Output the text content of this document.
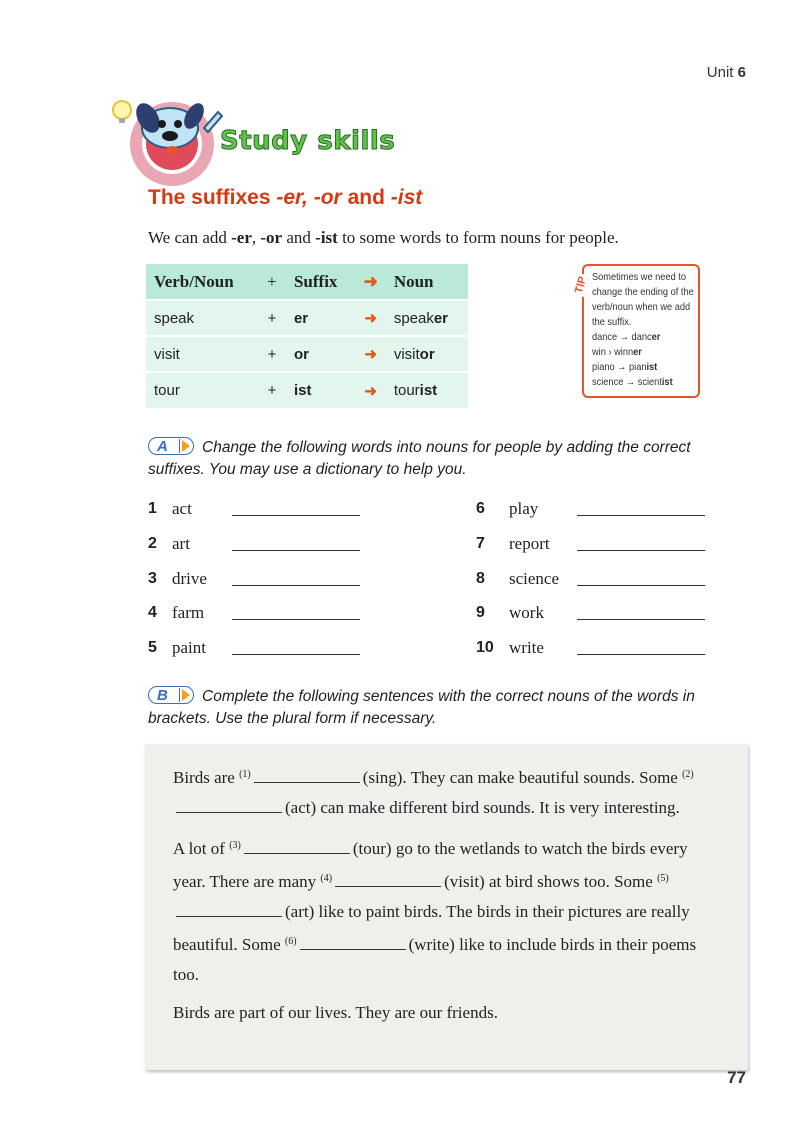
Unit 6
Study skills
The suffixes -er, -or and -ist
We can add -er, -or and -ist to some words to form nouns for people.
Verb/Noun	+	Suffix	➜	Noun
speak	+	er	➜	speaker
visit	+	or	➜	visitor
tour	+	ist	➜	tourist
TIP Sometimes we need to change the ending of the verb/noun when we add the suffix.
dance → dancer
win › winner
piano → pianist
science → scientist
A Change the following words into nouns for people by adding the correct suffixes. You may use a dictionary to help you.
1 act
2 art
3 drive
4 farm
5 paint
6	play
7	report
8	science
9	work
10 write
B Complete the following sentences with the correct nouns of the words in brackets. Use the plural form if necessary.

Birds are $^{(1)}$	(sing). They can make beautiful sounds. Some $^{(2)}$(act) can make different bird sounds. It is very interesting.

A lot of $^{(3)}$	(tour) go to the wetlands to watch the birds every year. There are many $^{(4)}$	(visit) at bird shows too. Some $^{(5)}$(art) like to paint birds. The birds in their pictures are really beautiful. Some $^{(6)}$	(write) like to include birds in their poems too.

Birds are part of our lives. They are our friends.

77
